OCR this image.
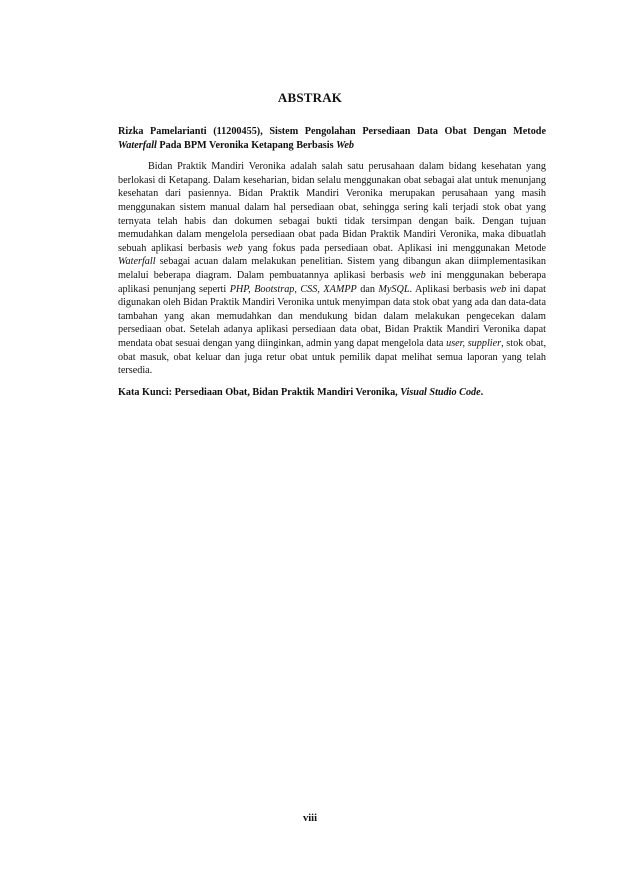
ABSTRAK

Rizka Pamelarianti (11200455), Sistem Pengolahan Persediaan Data Obat Dengan Metode Waterfall Pada BPM Veronika Ketapang Berbasis Web

Bidan Praktik Mandiri Veronika adalah salah satu perusahaan dalam bidang kesehatan yang berlokasi di Ketapang. Dalam keseharian, bidan selalu menggunakan obat sebagai alat untuk menunjang kesehatan dari pasiennya. Bidan Praktik Mandiri Veronika merupakan perusahaan yang masih menggunakan sistem manual dalam hal persediaan obat, sehingga sering kali terjadi stok obat yang ternyata telah habis dan dokumen sebagai bukti tidak tersimpan dengan baik. Dengan tujuan memudahkan dalam mengelola persediaan obat pada Bidan Praktik Mandiri Veronika, maka dibuatlah sebuah aplikasi berbasis web yang fokus pada persediaan obat. Aplikasi ini menggunakan Metode Waterfall sebagai acuan dalam melakukan penelitian. Sistem yang dibangun akan diimplementasikan melalui beberapa diagram. Dalam pembuatannya aplikasi berbasis web ini menggunakan beberapa aplikasi penunjang seperti PHP, Bootstrap, CSS, XAMPP dan MySQL. Aplikasi berbasis web ini dapat digunakan oleh Bidan Praktik Mandiri Veronika untuk menyimpan data stok obat yang ada dan data-data tambahan yang akan memudahkan dan mendukung bidan dalam melakukan pengecekan dalam persediaan obat. Setelah adanya aplikasi persediaan data obat, Bidan Praktik Mandiri Veronika dapat mendata obat sesuai dengan yang diinginkan, admin yang dapat mengelola data user, supplier, stok obat, obat masuk, obat keluar dan juga retur obat untuk pemilik dapat melihat semua laporan yang telah tersedia.

Kata Kunci: Persediaan Obat, Bidan Praktik Mandiri Veronika, Visual Studio Code.

viii
